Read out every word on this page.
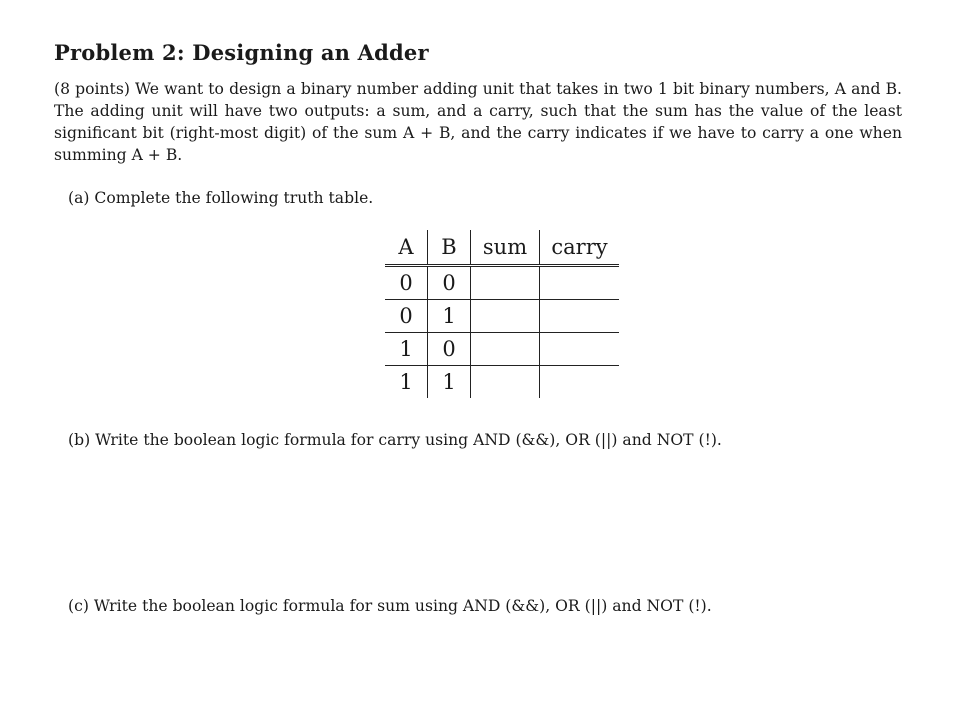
Problem 2: Designing an Adder
(8 points) We want to design a binary number adding unit that takes in two 1 bit binary numbers, A and B. The adding unit will have two outputs: a sum, and a carry, such that the sum has the value of the least significant bit (right-most digit) of the sum A + B, and the carry indicates if we have to carry a one when summing A + B.
(a) Complete the following truth table.
A	B	sum	carry
0	0		
0	1		
1	0		
1	1		
(b) Write the boolean logic formula for carry using AND (&&), OR (||) and NOT (!).
(c) Write the boolean logic formula for sum using AND (&&), OR (||) and NOT (!).
